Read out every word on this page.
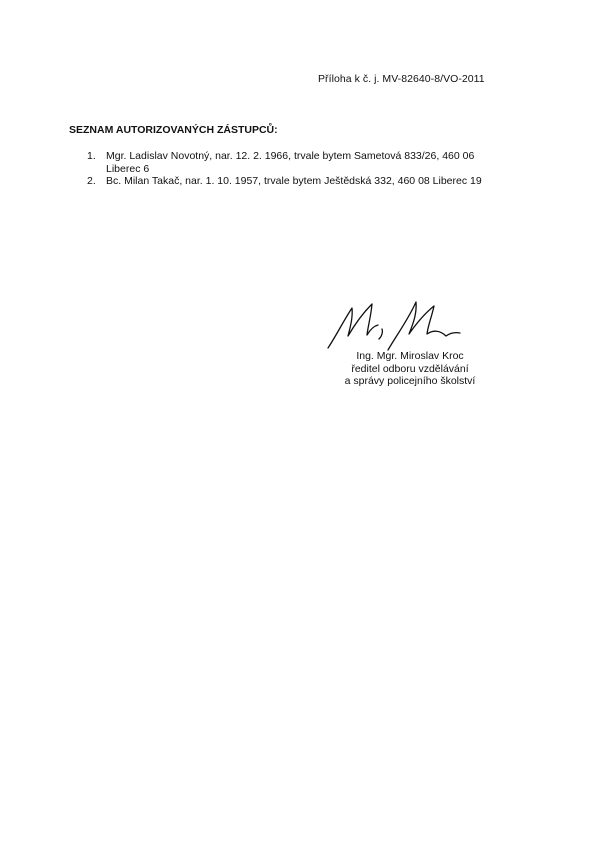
Příloha k č. j. MV-82640-8/VO-2011
SEZNAM AUTORIZOVANÝCH ZÁSTUPCŮ:
1. Mgr. Ladislav Novotný, nar. 12. 2. 1966, trvale bytem Sametová 833/26, 460 06
Liberec 6
2. Bc. Milan Takač, nar. 1. 10. 1957, trvale bytem Ještědská 332, 460 08 Liberec 19
Ing. Mgr. Miroslav Kroc
ředitel odboru vzdělávání
a správy policejního školství
